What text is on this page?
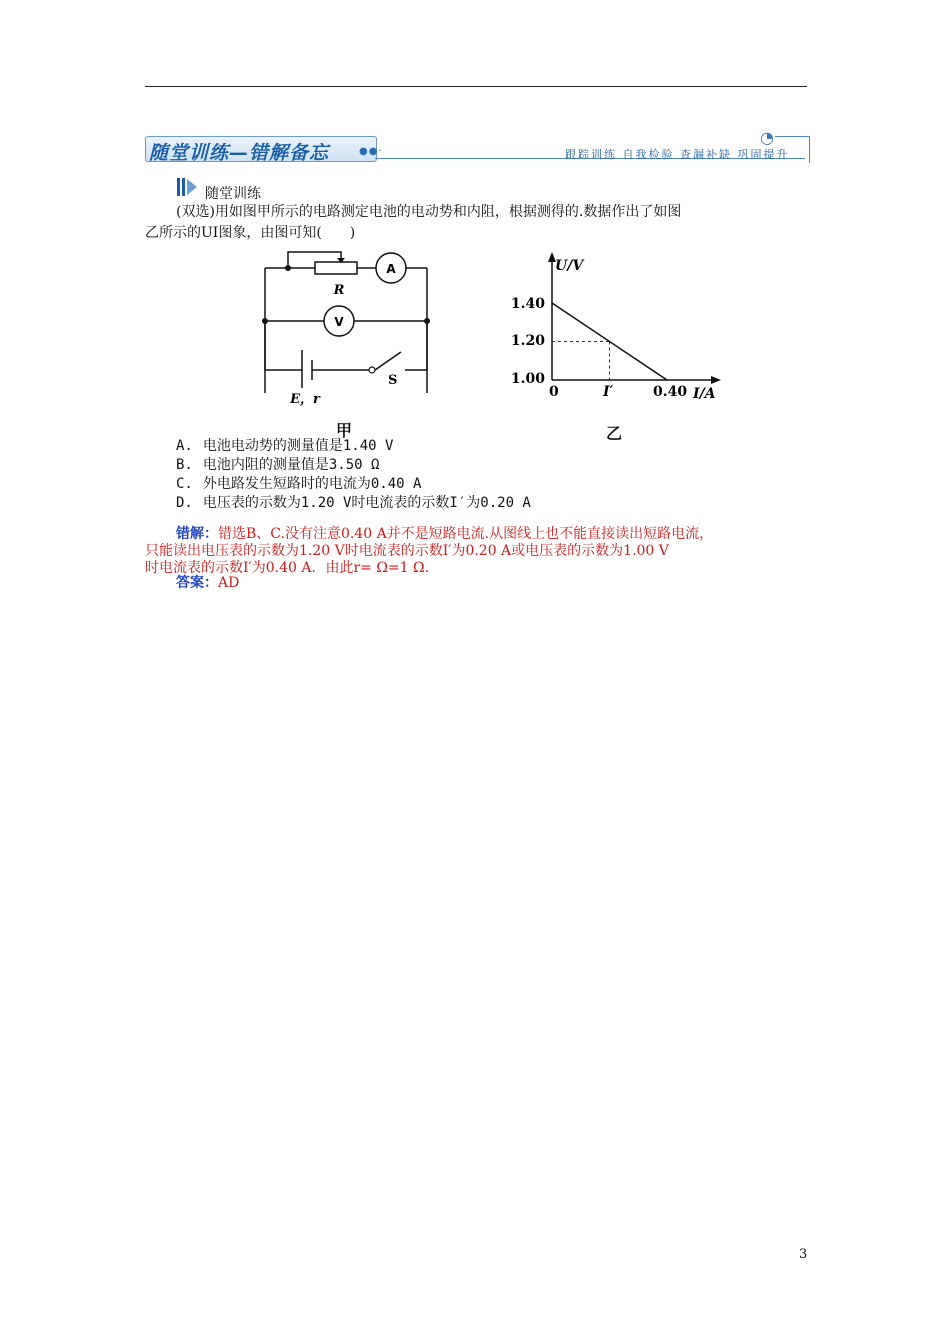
随堂训练—错解备忘	●●·
◔
跟踪训练 自我检验 查漏补缺 巩固提升
随堂训练
(双选)用如图甲所示的电路测定电池的电动势和内阻，根据测得的.数据作出了如图
乙所示的UI图象，由图可知(　　)
A
V
R
E，r
S
甲
U/V
I/A
1.40
1.20
1.00
0	I′	0.40
乙
A. 电池电动势的测量值是1.40 V
B. 电池内阻的测量值是3.50 Ω
C. 外电路发生短路时的电流为0.40 A
D. 电压表的示数为1.20 V时电流表的示数I′为0.20 A
错解：错选B、C.没有注意0.40 A并不是短路电流.从图线上也不能直接读出短路电流，
只能读出电压表的示数为1.20 V时电流表的示数I′为0.20 A或电压表的示数为1.00 V
时电流表的示数I′为0.40 A．由此r= Ω=1 Ω.
答案：AD
3
